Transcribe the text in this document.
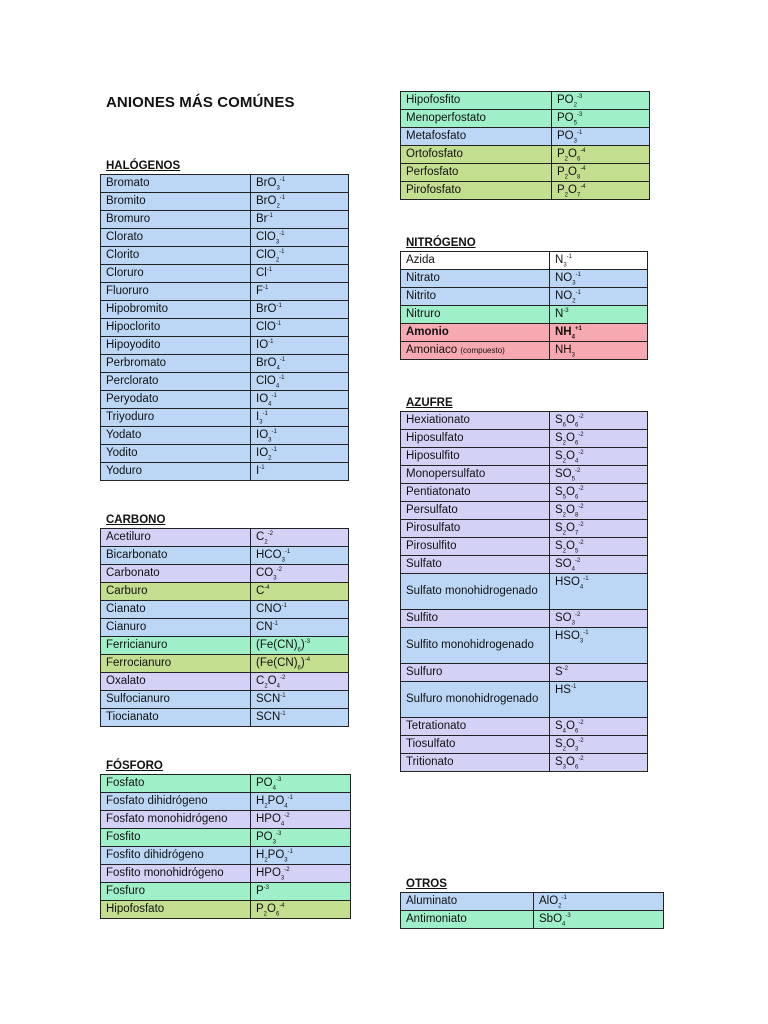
ANIONES MÁS COMÚNES
HALÓGENOS
Bromato	BrO$_3^{-1}$
Bromito	BrO$_2^{-1}$
Bromuro	$Br^{-1}$
Clorato	ClO$_3^{-1}$
Clorito	ClO$_2^{-1}$
Cloruro	$Cl^{-1}$
Fluoruro	$F^{-1}$
Hipobromito	BrO$^{-1}$
Hipoclorito	ClO$^{-1}$
Hipoyodito	$IO^{-1}$
Perbromato	BrO$_4^{-1}$
Perclorato	ClO$_4^{-1}$
Peryodato	$IO_4^{-1}$
Triyoduro	$I_3^{-1}$
Yodato	$IO_3^{-1}$
Yodito	$IO_2^{-1}$
Yoduro	$I^{-1}$
CARBONO
Acetiluro	$C_2^{-2}$
Bicarbonato	$HCO_3^{-1}$
Carbonato	$CO_3^{-2}$
Carburo	$C^{-4}$
Cianato	$CNO^{-1}$
Cianuro	$CN^{-1}$
Ferricianuro	$(Fe(CN)_6)^{-3}$
Ferrocianuro	$(Fe(CN)_6)^{-4}$
Oxalato	$C_2O_4^{-2}$
Sulfocianuro	$SCN^{-1}$
Tiocianato	$SCN^{-1}$
FÓSFORO
Fosfato	$PO_4^{-3}$
Fosfato dihidrógeno	$H_2PO_4^{-1}$
Fosfato monohidrógeno	$HPO_4^{-2}$
Fosfito	$PO_3^{-3}$
Fosfito dihidrógeno	$H_2PO_3^{-1}$
Fosfito monohidrógeno	$HPO_3^{-2}$
Fosfuro	$P^{-3}$
Hipofosfato	$P_2O_6^{-4}$
Hipofosfito	$PO_2^{-3}$
Menoperfostato	$PO_5^{-3}$
Metafosfato	$PO_3^{-1}$
Ortofosfato	$P_2O_6^{-4}$
Perfosfato	$P_2O_8^{-4}$
Pirofosfato	$P_2O_7^{-4}$
NITRÓGENO
Azida	$N_3^{-1}$
Nitrato	$NO_3^{-1}$
Nitrito	$NO_2^{-1}$
Nitruro	$N^{-3}$
Amonio	$NH_4^{+1}$
Amoniaco (compuesto)	$NH_3$
AZUFRE
Hexiationato	$S_6O_6^{-2}$
Hiposulfato	$S_2O_6^{-2}$
Hiposulfito	$S_2O_4^{-2}$
Monopersulfato	$SO_5^{-2}$
Pentiatonato	$S_5O_6^{-2}$
Persulfato	$S_2O_8^{-2}$
Pirosulfato	$S_2O_7^{-2}$
Pirosulfito	$S_2O_5^{-2}$
Sulfato	$SO_4^{-2}$
Sulfato monohidrogenado	$HSO_4^{-1}$
Sulfito	$SO_3^{-2}$
Sulfito monohidrogenado	$HSO_3^{-1}$
Sulfuro	$S^{-2}$
Sulfuro monohidrogenado	$HS^{-1}$
Tetrationato	$S_4O_6^{-2}$
Tiosulfato	$S_2O_3^{-2}$
Tritionato	$S_3O_6^{-2}$
OTROS
Aluminato	AlO$_2^{-1}$
Antimoniato	SbO$_4^{-3}$
